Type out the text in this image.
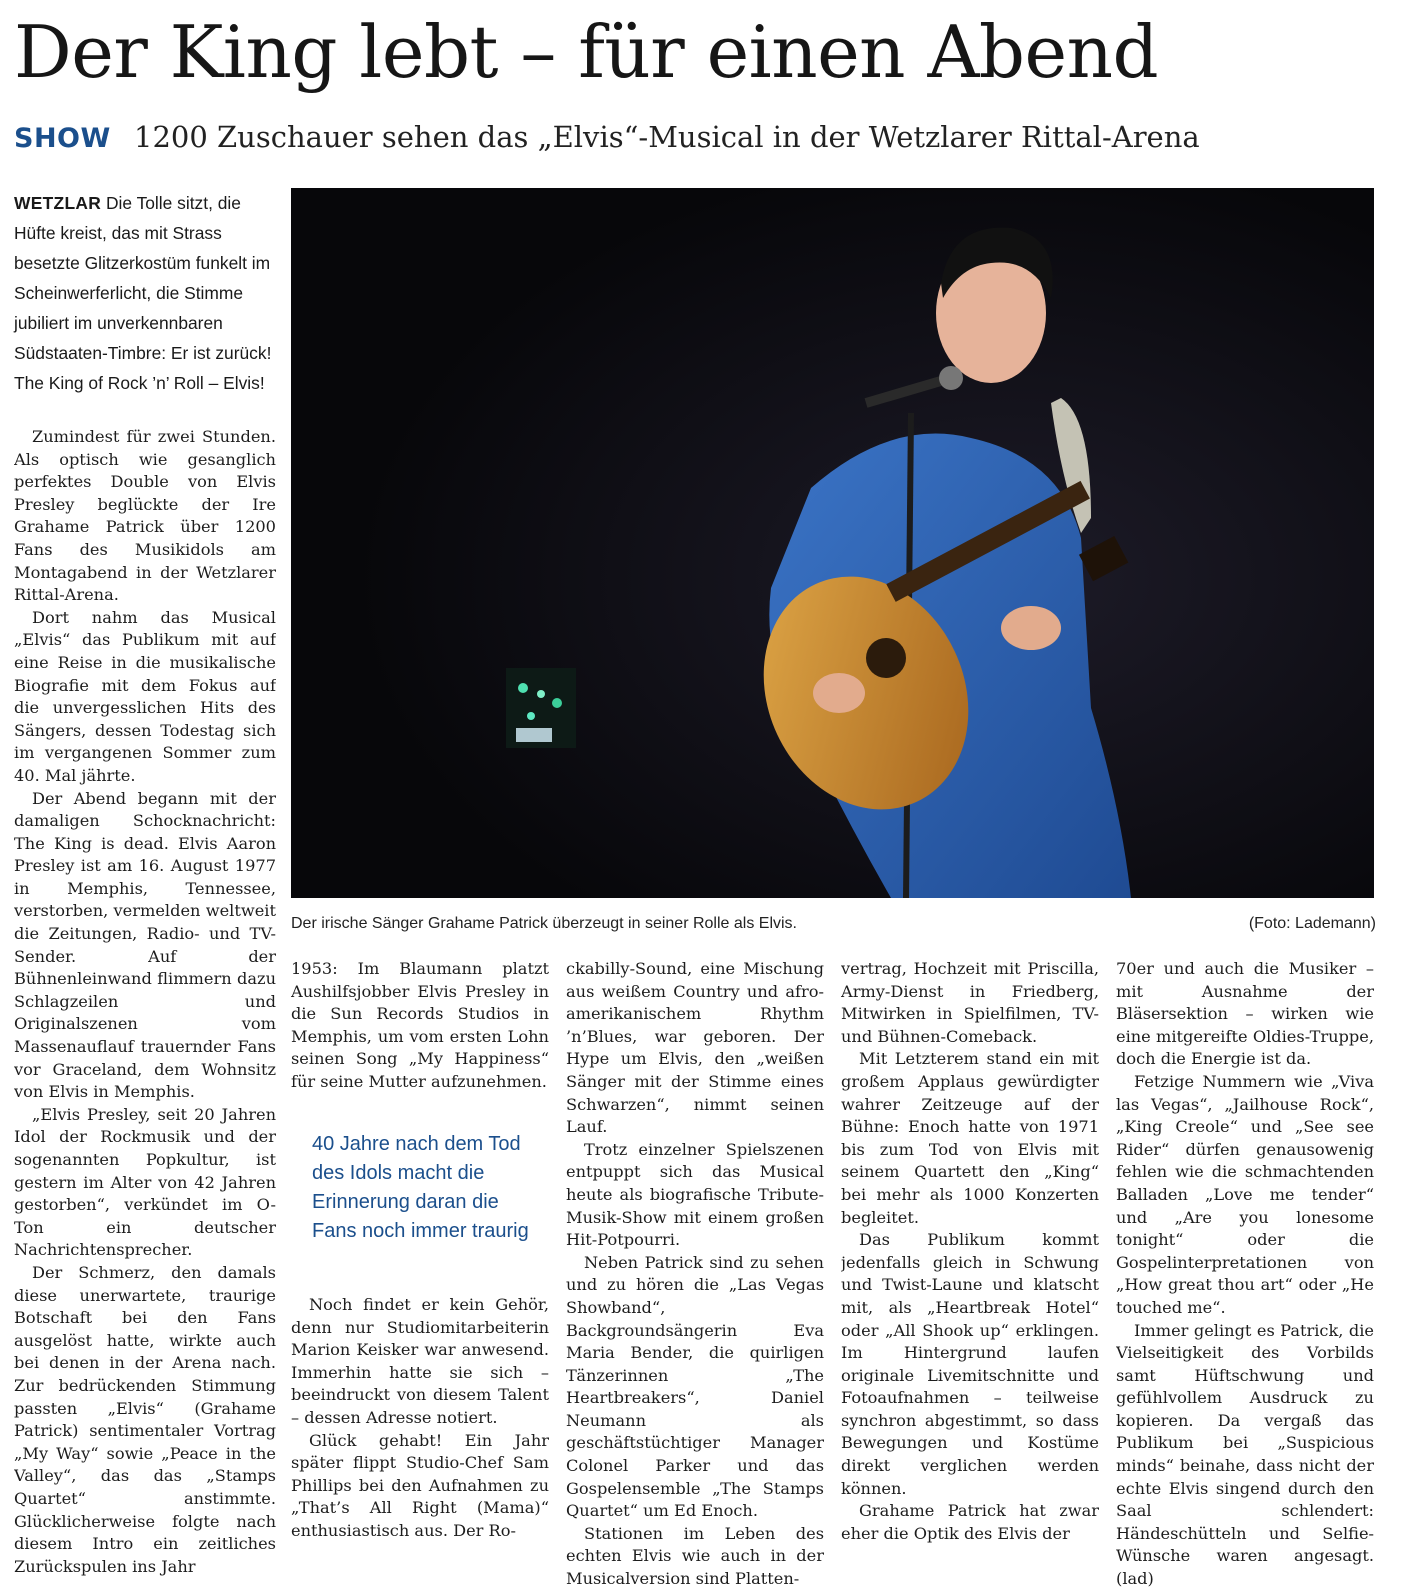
Der King lebt – für einen Abend
SHOW 1200 Zuschauer sehen das „Elvis“-Musical in der Wetzlarer Rittal-Arena

WETZLAR Die Tolle sitzt, die Hüfte kreist, das mit Strass besetzte Glitzerkostüm funkelt im Scheinwerferlicht, die Stimme jubiliert im unverkennbaren Südstaaten-Timbre: Er ist zurück! The King of Rock ’n’ Roll – Elvis!

Der irische Sänger Grahame Patrick überzeugt in seiner Rolle als Elvis.	(Foto: Lademann)

Zumindest für zwei Stunden. Als optisch wie gesanglich perfektes Double von Elvis Presley beglückte der Ire Grahame Patrick über 1200 Fans des Musikidols am Montagabend in der Wetzlarer Rittal-Arena.

Dort nahm das Musical „Elvis“ das Publikum mit auf eine Reise in die musikalische Biografie mit dem Fokus auf die unvergesslichen Hits des Sängers, dessen Todestag sich im vergangenen Sommer zum 40. Mal jährte.

Der Abend begann mit der damaligen Schocknachricht: The King is dead. Elvis Aaron Presley ist am 16. August 1977 in Memphis, Tennessee, verstorben, vermelden weltweit die Zeitungen, Radio- und TV-Sender. Auf der Bühnenleinwand flimmern dazu Schlagzeilen und Originalszenen vom Massenauflauf trauernder Fans vor Graceland, dem Wohnsitz von Elvis in Memphis.

„Elvis Presley, seit 20 Jahren Idol der Rockmusik und der sogenannten Popkultur, ist gestern im Alter von 42 Jahren gestorben“, verkündet im O-Ton ein deutscher Nachrichtensprecher.

Der Schmerz, den damals diese unerwartete, traurige Botschaft bei den Fans ausgelöst hatte, wirkte auch bei denen in der Arena nach. Zur bedrückenden Stimmung passten „Elvis“ (Grahame Patrick) sentimentaler Vortrag „My Way“ sowie „Peace in the Valley“, das das „Stamps Quartet“ anstimmte. Glücklicherweise folgte nach diesem Intro ein zeitliches Zurückspulen ins Jahr

1953: Im Blaumann platzt Aushilfsjobber Elvis Presley in die Sun Records Studios in Memphis, um vom ersten Lohn seinen Song „My Happiness“ für seine Mutter aufzunehmen.

40 Jahre nach dem Tod des Idols macht die Erinnerung daran die Fans noch immer traurig

Noch findet er kein Gehör, denn nur Studiomitarbeiterin Marion Keisker war anwesend. Immerhin hatte sie sich – beeindruckt von diesem Talent – dessen Adresse notiert.

Glück gehabt! Ein Jahr später flippt Studio-Chef Sam Phillips bei den Aufnahmen zu „That’s All Right (Mama)“ enthusiastisch aus. Der Ro-

ckabilly-Sound, eine Mischung aus weißem Country und afro-amerikanischem Rhythm ’n’Blues, war geboren. Der Hype um Elvis, den „weißen Sänger mit der Stimme eines Schwarzen“, nimmt seinen Lauf.

Trotz einzelner Spielszenen entpuppt sich das Musical heute als biografische Tribute-Musik-Show mit einem großen Hit-Potpourri.

Neben Patrick sind zu sehen und zu hören die „Las Vegas Showband“, Backgroundsängerin Eva Maria Bender, die quirligen Tänzerinnen „The Heartbreakers“, Daniel Neumann als geschäftstüchtiger Manager Colonel Parker und das Gospelensemble „The Stamps Quartet“ um Ed Enoch.

Stationen im Leben des echten Elvis wie auch in der Musicalversion sind Platten-

vertrag, Hochzeit mit Priscilla, Army-Dienst in Friedberg, Mitwirken in Spielfilmen, TV- und Bühnen-Comeback.

Mit Letzterem stand ein mit großem Applaus gewürdigter wahrer Zeitzeuge auf der Bühne: Enoch hatte von 1971 bis zum Tod von Elvis mit seinem Quartett den „King“ bei mehr als 1000 Konzerten begleitet.

Das Publikum kommt jedenfalls gleich in Schwung und Twist-Laune und klatscht mit, als „Heartbreak Hotel“ oder „All Shook up“ erklingen. Im Hintergrund laufen originale Livemitschnitte und Fotoaufnahmen – teilweise synchron abgestimmt, so dass Bewegungen und Kostüme direkt verglichen werden können.

Grahame Patrick hat zwar eher die Optik des Elvis der

70er und auch die Musiker – mit Ausnahme der Bläsersektion – wirken wie eine mitgereifte Oldies-Truppe, doch die Energie ist da.

Fetzige Nummern wie „Viva las Vegas“, „Jailhouse Rock“, „King Creole“ und „See see Rider“ dürfen genausowenig fehlen wie die schmachtenden Balladen „Love me tender“ und „Are you lonesome tonight“ oder die Gospelinterpretationen von „How great thou art“ oder „He touched me“.

Immer gelingt es Patrick, die Vielseitigkeit des Vorbilds samt Hüftschwung und gefühlvollem Ausdruck zu kopieren. Da vergaß das Publikum bei „Suspicious minds“ beinahe, dass nicht der echte Elvis singend durch den Saal schlendert: Händeschütteln und Selfie-Wünsche waren angesagt. (lad)
